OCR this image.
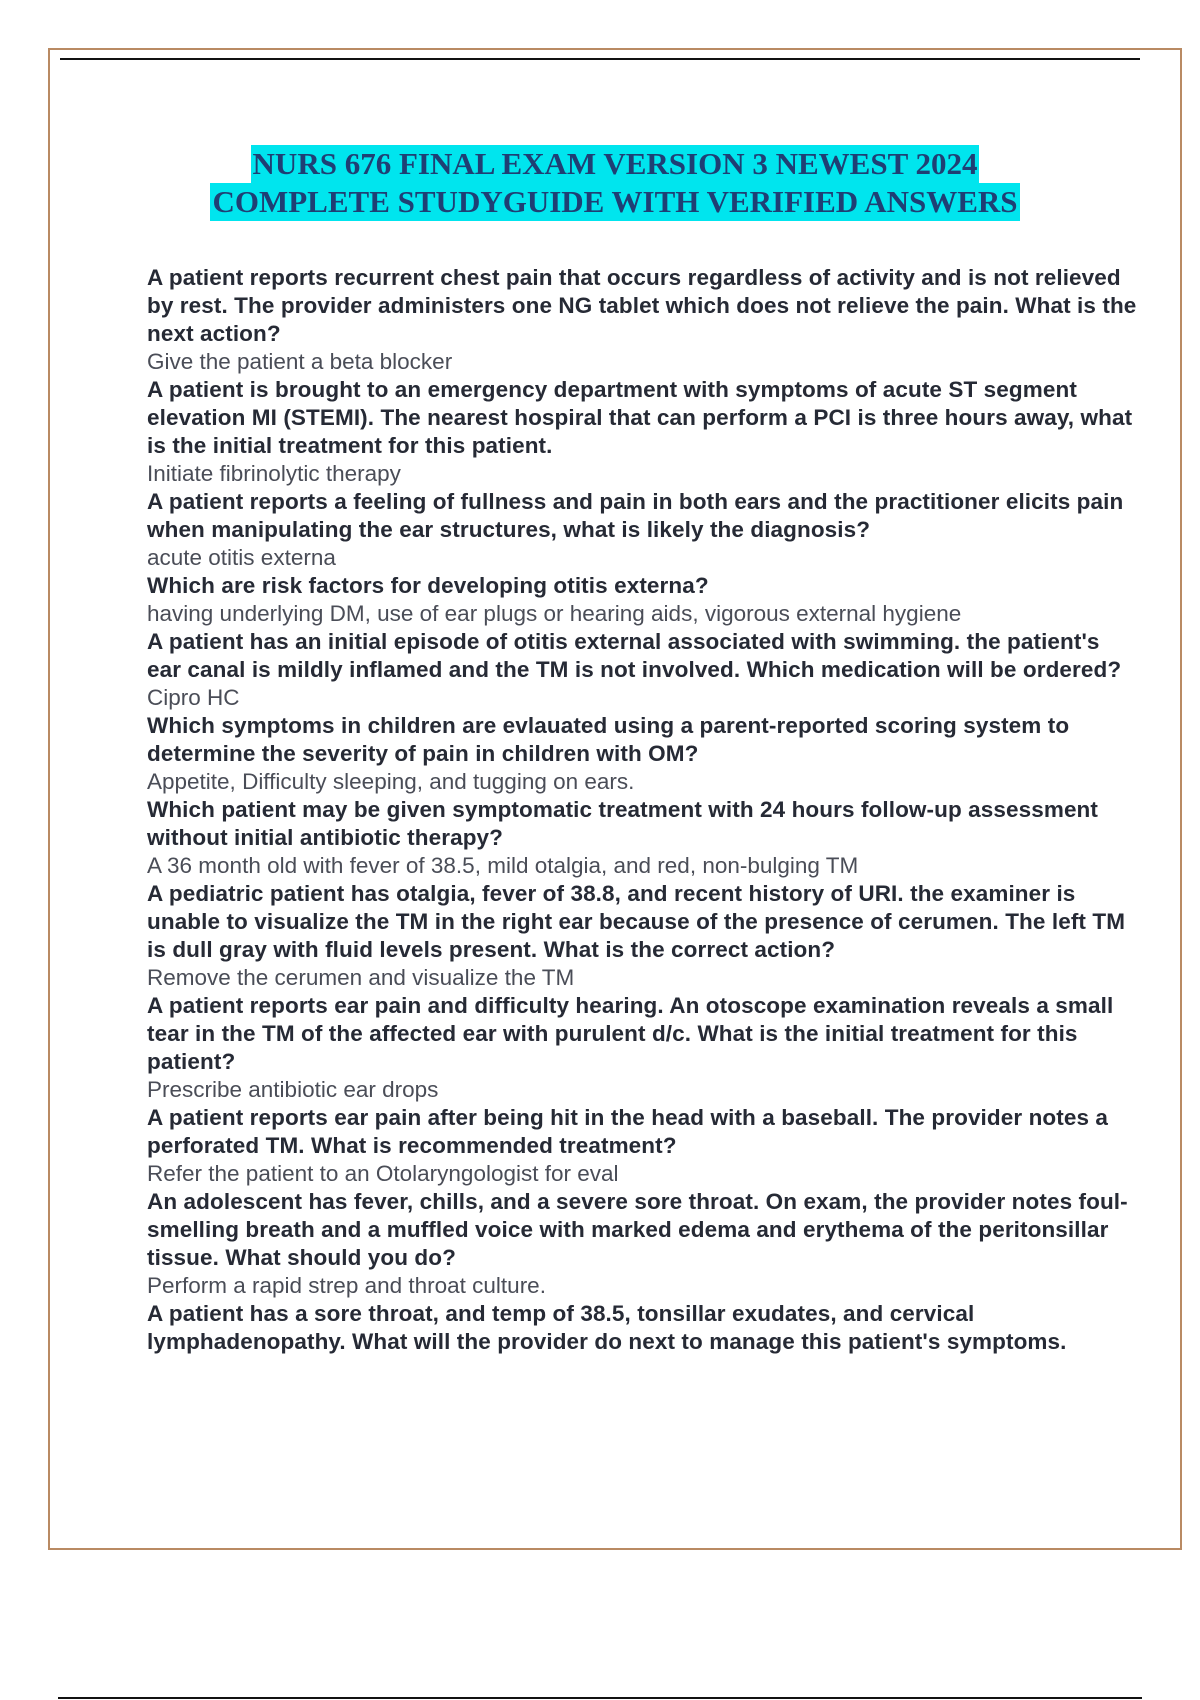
NURS 676 FINAL EXAM VERSION 3 NEWEST 2024
COMPLETE STUDYGUIDE WITH VERIFIED ANSWERS

A patient reports recurrent chest pain that occurs regardless of activity and is not relieved by rest. The provider administers one NG tablet which does not relieve the pain. What is the next action?

Give the patient a beta blocker

A patient is brought to an emergency department with symptoms of acute ST segment elevation MI (STEMI). The nearest hospiral that can perform a PCI is three hours away, what is the initial treatment for this patient.

Initiate fibrinolytic therapy

A patient reports a feeling of fullness and pain in both ears and the practitioner elicits pain when manipulating the ear structures, what is likely the diagnosis?

acute otitis externa

Which are risk factors for developing otitis externa?

having underlying DM, use of ear plugs or hearing aids, vigorous external hygiene

A patient has an initial episode of otitis external associated with swimming. the patient's ear canal is mildly inflamed and the TM is not involved. Which medication will be ordered?

Cipro HC

Which symptoms in children are evlauated using a parent-reported scoring system to determine the severity of pain in children with OM?

Appetite, Difficulty sleeping, and tugging on ears.

Which patient may be given symptomatic treatment with 24 hours follow-up assessment without initial antibiotic therapy?

A 36 month old with fever of 38.5, mild otalgia, and red, non-bulging TM

A pediatric patient has otalgia, fever of 38.8, and recent history of URI. the examiner is unable to visualize the TM in the right ear because of the presence of cerumen. The left TM is dull gray with fluid levels present. What is the correct action?

Remove the cerumen and visualize the TM

A patient reports ear pain and difficulty hearing. An otoscope examination reveals a small tear in the TM of the affected ear with purulent d/c. What is the initial treatment for this patient?

Prescribe antibiotic ear drops

A patient reports ear pain after being hit in the head with a baseball. The provider notes a perforated TM. What is recommended treatment?

Refer the patient to an Otolaryngologist for eval

An adolescent has fever, chills, and a severe sore throat. On exam, the provider notes foul-smelling breath and a muffled voice with marked edema and erythema of the peritonsillar tissue. What should you do?

Perform a rapid strep and throat culture.

A patient has a sore throat, and temp of 38.5, tonsillar exudates, and cervical lymphadenopathy. What will the provider do next to manage this patient's symptoms.
